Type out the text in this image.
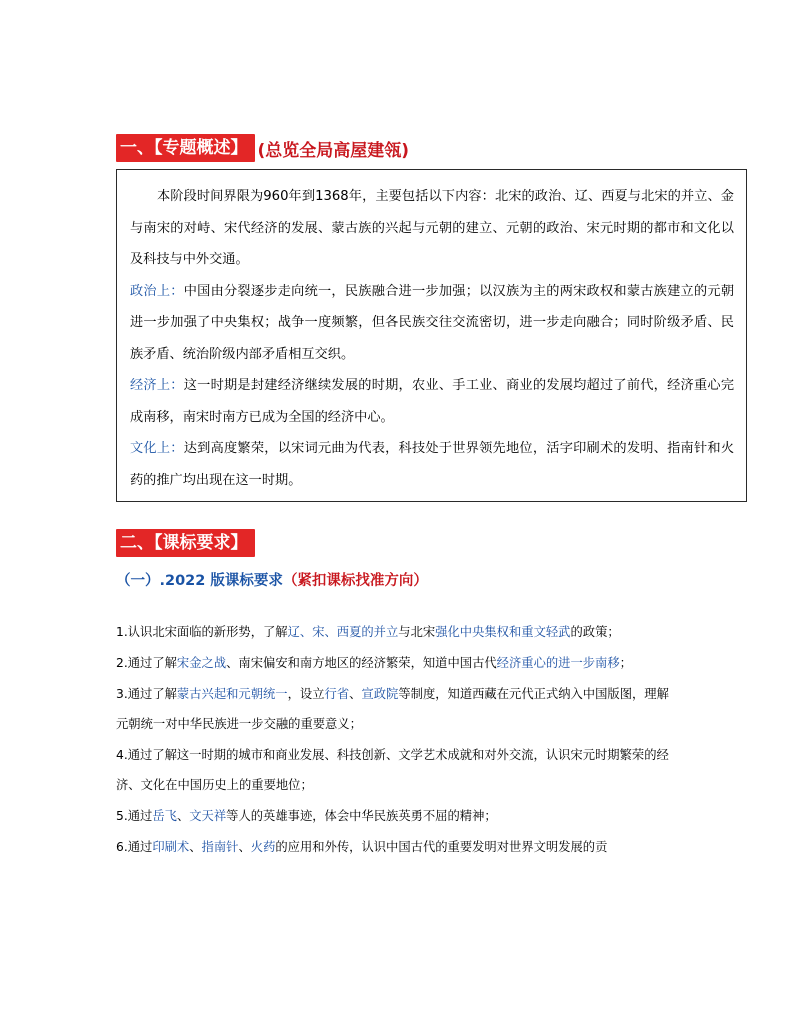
一、【专题概述】 (总览全局高屋建瓴)

本阶段时间界限为960年到1368年，主要包括以下内容：北宋的政治、辽、西夏与北宋的并立、金与南宋的对峙、宋代经济的发展、蒙古族的兴起与元朝的建立、元朝的政治、宋元时期的都市和文化以及科技与中外交通。

政治上：中国由分裂逐步走向统一，民族融合进一步加强；以汉族为主的两宋政权和蒙古族建立的元朝进一步加强了中央集权；战争一度频繁，但各民族交往交流密切，进一步走向融合；同时阶级矛盾、民族矛盾、统治阶级内部矛盾相互交织。

经济上：这一时期是封建经济继续发展的时期，农业、手工业、商业的发展均超过了前代，经济重心完成南移，南宋时南方已成为全国的经济中心。

文化上：达到高度繁荣，以宋词元曲为代表，科技处于世界领先地位，活字印刷术的发明、指南针和火药的推广均出现在这一时期。

二、【课标要求】
（一）.2022 版课标要求（紧扣课标找准方向）

1.认识北宋面临的新形势，了解辽、宋、西夏的并立与北宋强化中央集权和重文轻武的政策；

2.通过了解宋金之战、南宋偏安和南方地区的经济繁荣，知道中国古代经济重心的进一步南移；

3.通过了解蒙古兴起和元朝统一，设立行省、宣政院等制度，知道西藏在元代正式纳入中国版图，理解元朝统一对中华民族进一步交融的重要意义；

4.通过了解这一时期的城市和商业发展、科技创新、文学艺术成就和对外交流，认识宋元时期繁荣的经济、文化在中国历史上的重要地位；

5.通过岳飞、文天祥等人的英雄事迹，体会中华民族英勇不屈的精神；

6.通过印刷术、指南针、火药的应用和外传，认识中国古代的重要发明对世界文明发展的贡
